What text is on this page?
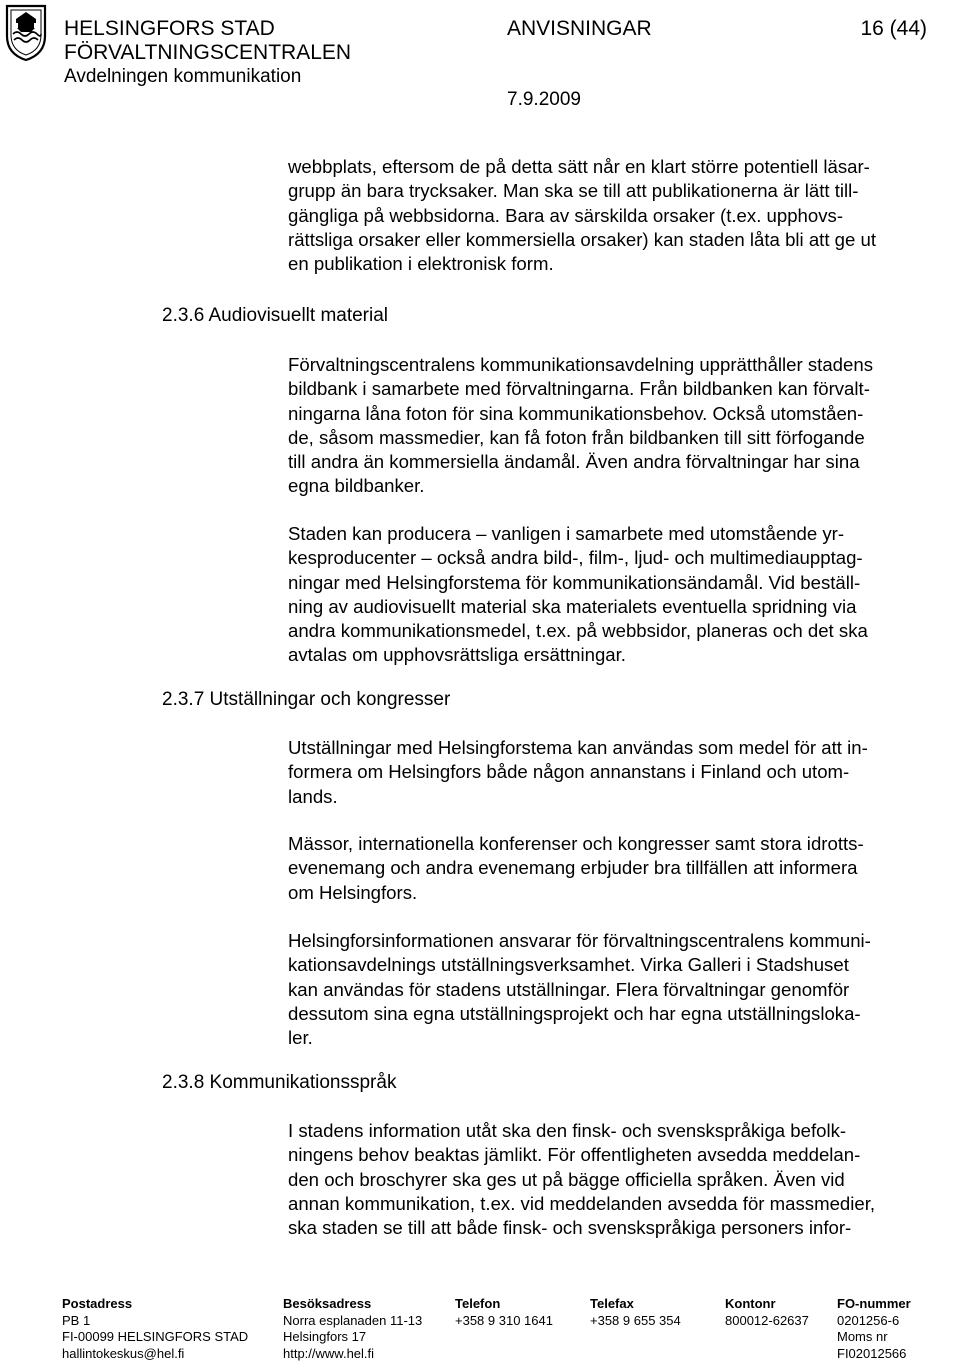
HELSINGFORS STAD
FÖRVALTNINGSCENTRALEN
Avdelningen kommunikation
ANVISNINGAR	16 (44)
7.9.2009
webbplats, eftersom de på detta sätt når en klart större potentiell läsar-
grupp än bara trycksaker. Man ska se till att publikationerna är lätt till-
gängliga på webbsidorna. Bara av särskilda orsaker (t.ex. upphovs-
rättsliga orsaker eller kommersiella orsaker) kan staden låta bli att ge ut
en publikation i elektronisk form.
2.3.6 Audiovisuellt material
Förvaltningscentralens kommunikationsavdelning upprätthåller stadens
bildbank i samarbete med förvaltningarna. Från bildbanken kan förvalt-
ningarna låna foton för sina kommunikationsbehov. Också utomståen-
de, såsom massmedier, kan få foton från bildbanken till sitt förfogande
till andra än kommersiella ändamål. Även andra förvaltningar har sina
egna bildbanker.
Staden kan producera – vanligen i samarbete med utomstående yr-
kesproducenter – också andra bild-, film-, ljud- och multimediaupptag-
ningar med Helsingforstema för kommunikationsändamål. Vid beställ-
ning av audiovisuellt material ska materialets eventuella spridning via
andra kommunikationsmedel, t.ex. på webbsidor, planeras och det ska
avtalas om upphovsrättsliga ersättningar.
2.3.7 Utställningar och kongresser
Utställningar med Helsingforstema kan användas som medel för att in-
formera om Helsingfors både någon annanstans i Finland och utom-
lands.
Mässor, internationella konferenser och kongresser samt stora idrotts-
evenemang och andra evenemang erbjuder bra tillfällen att informera
om Helsingfors.
Helsingforsinformationen ansvarar för förvaltningscentralens kommuni-
kationsavdelnings utställningsverksamhet. Virka Galleri i Stadshuset
kan användas för stadens utställningar. Flera förvaltningar genomför
dessutom sina egna utställningsprojekt och har egna utställningsloka-
ler.
2.3.8 Kommunikationsspråk
I stadens information utåt ska den finsk- och svenskspråkiga befolk-
ningens behov beaktas jämlikt. För offentligheten avsedda meddelan-
den och broschyrer ska ges ut på bägge officiella språken. Även vid
annan kommunikation, t.ex. vid meddelanden avsedda för massmedier,
ska staden se till att både finsk- och svenskspråkiga personers infor-
Postadress
PB 1
FI-00099 HELSINGFORS STAD
hallintokeskus@hel.fi
Besöksadress
Norra esplanaden 11-13
Helsingfors 17
http://www.hel.fi
Telefon
+358 9 310 1641
Telefax
+358 9 655 354
Kontonr
800012-62637
FO-nummer
0201256-6
Moms nr
FI02012566
